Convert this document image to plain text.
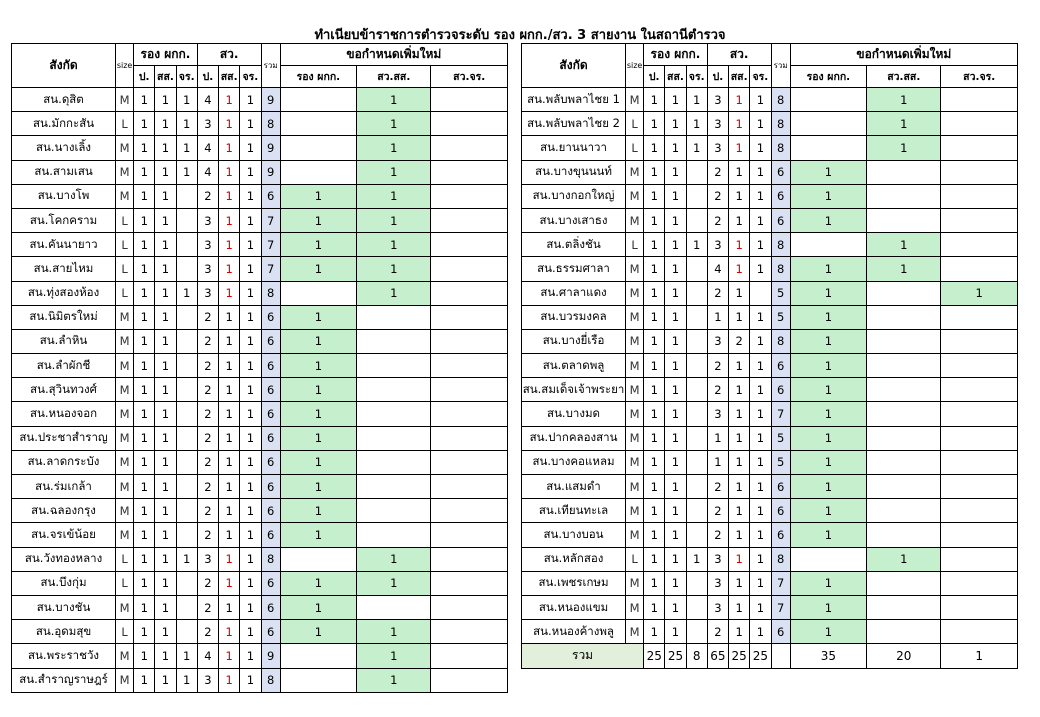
ทำเนียบข้าราชการตำรวจระดับ รอง ผกก./สว. 3 สายงาน ในสถานีตำรวจ
สังกัด	size	รอง ผกก.			สว.			รวม	ขอกำหนดเพิ่มใหม่		
		ป.	สส.	จร.	ป.	สส.	จร.		รอง ผกก.	สว.สส.	สว.จร.
สน.ดุสิต	M	1	1	1	4	1	1	9		1	
สน.มักกะสัน	L	1	1	1	3	1	1	8		1	
สน.นางเลิ้ง	M	1	1	1	4	1	1	9		1	
สน.สามเสน	M	1	1	1	4	1	1	9		1	
สน.บางโพ	M	1	1		2	1	1	6	1	1	
สน.โคกคราม	L	1	1		3	1	1	7	1	1	
สน.คันนายาว	L	1	1		3	1	1	7	1	1	
สน.สายไหม	L	1	1		3	1	1	7	1	1	
สน.ทุ่งสองห้อง	L	1	1	1	3	1	1	8		1	
สน.นิมิตรใหม่	M	1	1		2	1	1	6	1		
สน.ลำหิน	M	1	1		2	1	1	6	1		
สน.ลำผักชี	M	1	1		2	1	1	6	1		
สน.สุวินทวงศ์	M	1	1		2	1	1	6	1		
สน.หนองจอก	M	1	1		2	1	1	6	1		
สน.ประชาสำราญ	M	1	1		2	1	1	6	1		
สน.ลาดกระบัง	M	1	1		2	1	1	6	1		
สน.ร่มเกล้า	M	1	1		2	1	1	6	1		
สน.ฉลองกรุง	M	1	1		2	1	1	6	1		
สน.จรเข้น้อย	M	1	1		2	1	1	6	1		
สน.วังทองหลาง	L	1	1	1	3	1	1	8		1	
สน.บึงกุ่ม	L	1	1		2	1	1	6	1	1	
สน.บางชัน	M	1	1		2	1	1	6	1		
สน.อุดมสุข	L	1	1		2	1	1	6	1	1	
สน.พระราชวัง	M	1	1	1	4	1	1	9		1	
สน.สำราญราษฎร์	M	1	1	1	3	1	1	8		1	
สังกัด	size	รอง ผกก.			สว.			รวม	ขอกำหนดเพิ่มใหม่		
		ป.	สส.	จร.	ป.	สส.	จร.		รอง ผกก.	สว.สส.	สว.จร.
สน.พลับพลาไชย 1	M	1	1	1	3	1	1	8		1	
สน.พลับพลาไชย 2	L	1	1	1	3	1	1	8		1	
สน.ยานนาวา	L	1	1	1	3	1	1	8		1	
สน.บางขุนนนท์	M	1	1		2	1	1	6	1		
สน.บางกอกใหญ่	M	1	1		2	1	1	6	1		
สน.บางเสาธง	M	1	1		2	1	1	6	1		
สน.ตลิ่งชัน	L	1	1	1	3	1	1	8		1	
สน.ธรรมศาลา	M	1	1		4	1	1	8	1	1	
สน.ศาลาแดง	M	1	1		2	1		5	1		1
สน.บวรมงคล	M	1	1		1	1	1	5	1		
สน.บางยี่เรือ	M	1	1		3	2	1	8	1		
สน.ตลาดพลู	M	1	1		2	1	1	6	1		
สน.สมเด็จเจ้าพระยา	M	1	1		2	1	1	6	1		
สน.บางมด	M	1	1		3	1	1	7	1		
สน.ปากคลองสาน	M	1	1		1	1	1	5	1		
สน.บางคอแหลม	M	1	1		1	1	1	5	1		
สน.แสมดำ	M	1	1		2	1	1	6	1		
สน.เทียนทะเล	M	1	1		2	1	1	6	1		
สน.บางบอน	M	1	1		2	1	1	6	1		
สน.หลักสอง	L	1	1	1	3	1	1	8		1	
สน.เพชรเกษม	M	1	1		3	1	1	7	1		
สน.หนองแขม	M	1	1		3	1	1	7	1		
สน.หนองค้างพลู	M	1	1		2	1	1	6	1		
รวม		25	25	8	65	25	25		35	20	1
